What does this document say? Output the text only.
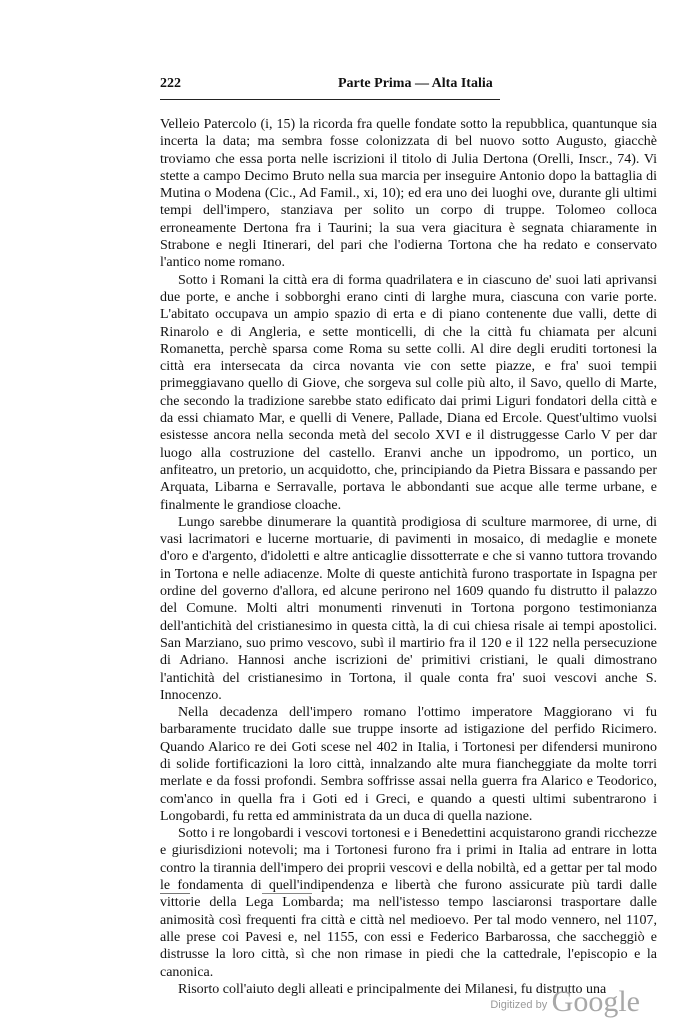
222	Parte Prima — Alta Italia

Velleio Patercolo (i, 15) la ricorda fra quelle fondate sotto la repubblica, quantunque sia incerta la data; ma sembra fosse colonizzata di bel nuovo sotto Augusto, giacchè troviamo che essa porta nelle iscrizioni il titolo di Julia Dertona (Orelli, Inscr., 74). Vi stette a campo Decimo Bruto nella sua marcia per inseguire Antonio dopo la battaglia di Mutina o Modena (Cic., Ad Famil., xi, 10); ed era uno dei luoghi ove, durante gli ultimi tempi dell'impero, stanziava per solito un corpo di truppe. Tolomeo colloca erroneamente Dertona fra i Taurini; la sua vera giacitura è segnata chiaramente in Strabone e negli Itinerari, del pari che l'odierna Tortona che ha redato e conservato l'antico nome romano.

Sotto i Romani la città era di forma quadrilatera e in ciascuno de' suoi lati aprivansi due porte, e anche i sobborghi erano cinti di larghe mura, ciascuna con varie porte. L'abitato occupava un ampio spazio di erta e di piano contenente due valli, dette di Rinarolo e di Angleria, e sette monticelli, di che la città fu chiamata per alcuni Romanetta, perchè sparsa come Roma su sette colli. Al dire degli eruditi tortonesi la città era intersecata da circa novanta vie con sette piazze, e fra' suoi tempii primeggiavano quello di Giove, che sorgeva sul colle più alto, il Savo, quello di Marte, che secondo la tradizione sarebbe stato edificato dai primi Liguri fondatori della città e da essi chiamato Mar, e quelli di Venere, Pallade, Diana ed Ercole. Quest'ultimo vuolsi esistesse ancora nella seconda metà del secolo XVI e il distruggesse Carlo V per dar luogo alla costruzione del castello. Eranvi anche un ippodromo, un portico, un anfiteatro, un pretorio, un acquidotto, che, principiando da Pietra Bissara e passando per Arquata, Libarna e Serravalle, portava le abbondanti sue acque alle terme urbane, e finalmente le grandiose cloache.

Lungo sarebbe dinumerare la quantità prodigiosa di sculture marmoree, di urne, di vasi lacrimatori e lucerne mortuarie, di pavimenti in mosaico, di medaglie e monete d'oro e d'argento, d'idoletti e altre anticaglie dissotterrate e che si vanno tuttora trovando in Tortona e nelle adiacenze. Molte di queste antichità furono trasportate in Ispagna per ordine del governo d'allora, ed alcune perirono nel 1609 quando fu distrutto il palazzo del Comune. Molti altri monumenti rinvenuti in Tortona porgono testimonianza dell'antichità del cristianesimo in questa città, la di cui chiesa risale ai tempi apostolici. San Marziano, suo primo vescovo, subì il martirio fra il 120 e il 122 nella persecuzione di Adriano. Hannosi anche iscrizioni de' primitivi cristiani, le quali dimostrano l'antichità del cristianesimo in Tortona, il quale conta fra' suoi vescovi anche S. Innocenzo.

Nella decadenza dell'impero romano l'ottimo imperatore Maggiorano vi fu barbaramente trucidato dalle sue truppe insorte ad istigazione del perfido Ricimero. Quando Alarico re dei Goti scese nel 402 in Italia, i Tortonesi per difendersi munirono di solide fortificazioni la loro città, innalzando alte mura fiancheggiate da molte torri merlate e da fossi profondi. Sembra soffrisse assai nella guerra fra Alarico e Teodorico, com'anco in quella fra i Goti ed i Greci, e quando a questi ultimi subentrarono i Longobardi, fu retta ed amministrata da un duca di quella nazione.

Sotto i re longobardi i vescovi tortonesi e i Benedettini acquistarono grandi ricchezze e giurisdizioni notevoli; ma i Tortonesi furono fra i primi in Italia ad entrare in lotta contro la tirannia dell'impero dei proprii vescovi e della nobiltà, ed a gettar per tal modo le fondamenta di quell'indipendenza e libertà che furono assicurate più tardi dalle vittorie della Lega Lombarda; ma nell'istesso tempo lasciaronsi trasportare dalle animosità così frequenti fra città e città nel medioevo. Per tal modo vennero, nel 1107, alle prese coi Pavesi e, nel 1155, con essi e Federico Barbarossa, che saccheggiò e distrusse la loro città, sì che non rimase in piedi che la cattedrale, l'episcopio e la canonica.

Risorto coll'aiuto degli alleati e principalmente dei Milanesi, fu distrutto una

Digitized by Google
